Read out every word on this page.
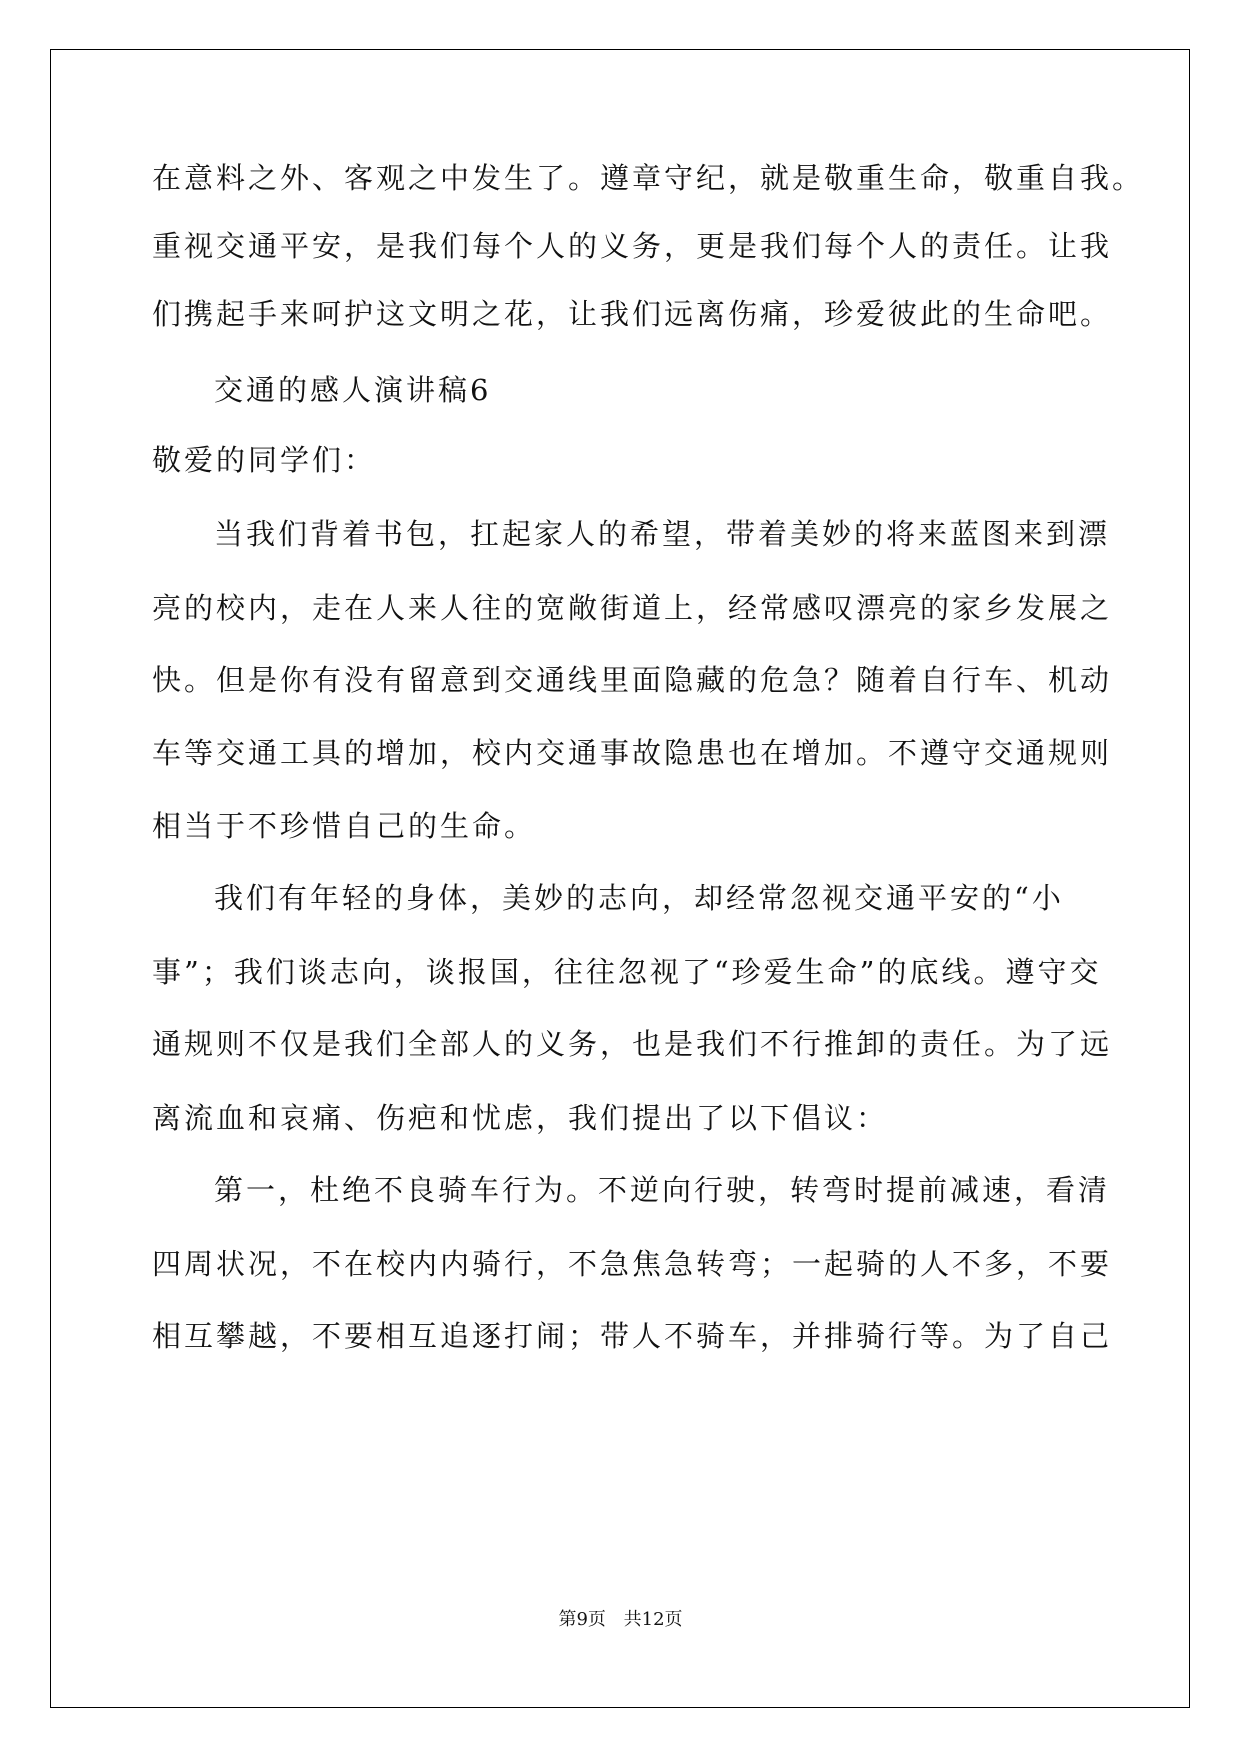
在意料之外、客观之中发生了。遵章守纪，就是敬重生命，敬重自我。
重视交通平安，是我们每个人的义务，更是我们每个人的责任。让我
们携起手来呵护这文明之花，让我们远离伤痛，珍爱彼此的生命吧。
交通的感人演讲稿6
敬爱的同学们：
当我们背着书包，扛起家人的希望，带着美妙的将来蓝图来到漂
亮的校内，走在人来人往的宽敞街道上，经常感叹漂亮的家乡发展之
快。但是你有没有留意到交通线里面隐藏的危急？随着自行车、机动
车等交通工具的增加，校内交通事故隐患也在增加。不遵守交通规则
相当于不珍惜自己的生命。
我们有年轻的身体，美妙的志向，却经常忽视交通平安的“小
事”；我们谈志向，谈报国，往往忽视了“珍爱生命”的底线。遵守交
通规则不仅是我们全部人的义务，也是我们不行推卸的责任。为了远
离流血和哀痛、伤疤和忧虑，我们提出了以下倡议：
第一，杜绝不良骑车行为。不逆向行驶，转弯时提前减速，看清
四周状况，不在校内内骑行，不急焦急转弯；一起骑的人不多，不要
相互攀越，不要相互追逐打闹；带人不骑车，并排骑行等。为了自己
第9页 共12页
